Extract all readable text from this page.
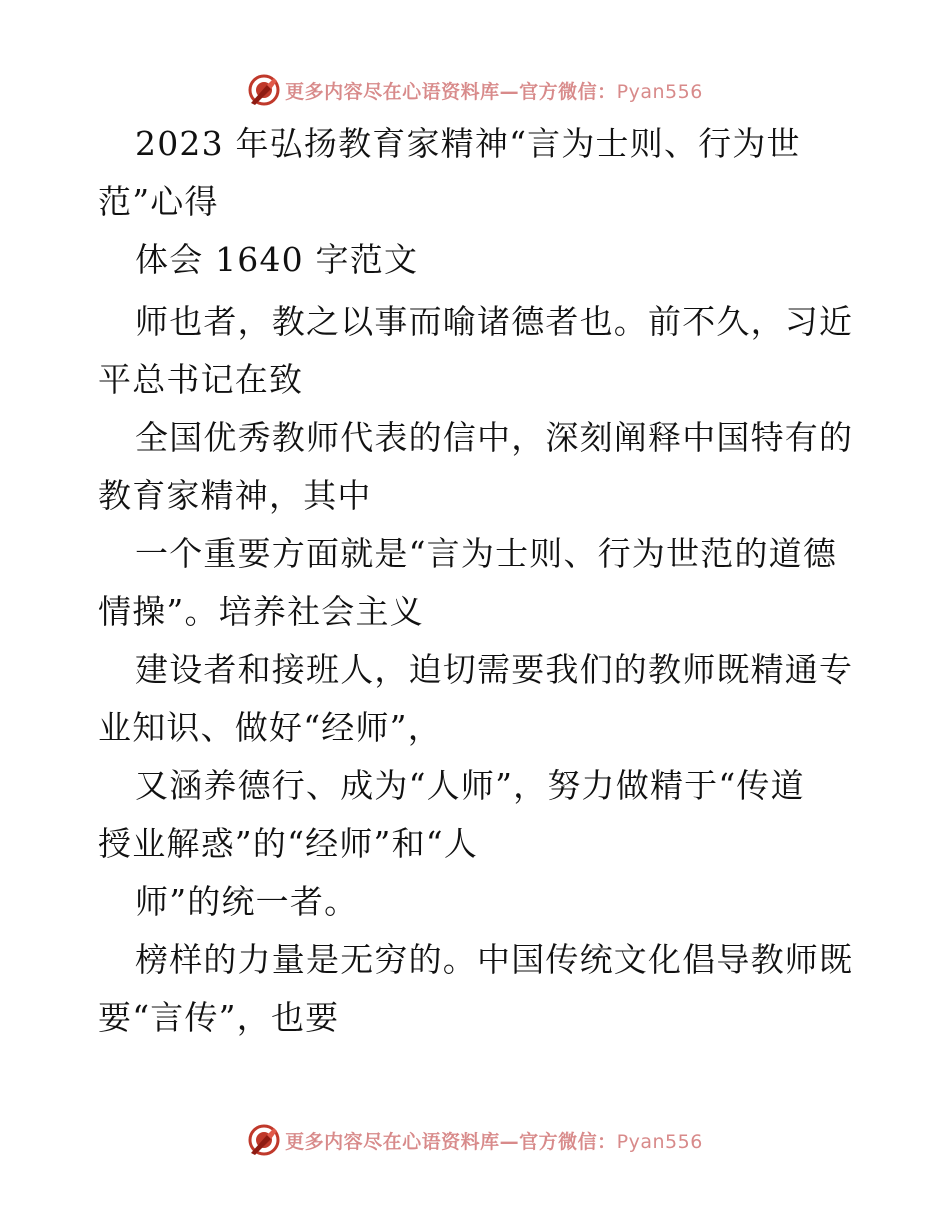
更多内容尽在心语资料库—官方微信：Pyan556
2023 年弘扬教育家精神“言为士则、行为世
范”心得
体会 1640 字范文
师也者，教之以事而喻诸德者也。前不久，习近
平总书记在致
全国优秀教师代表的信中，深刻阐释中国特有的
教育家精神，其中
一个重要方面就是“言为士则、行为世范的道德
情操”。培养社会主义
建设者和接班人，迫切需要我们的教师既精通专
业知识、做好“经师”，
又涵养德行、成为“人师”，努力做精于“传道
授业解惑”的“经师”和“人
师”的统一者。
榜样的力量是无穷的。中国传统文化倡导教师既
要“言传”，也要
更多内容尽在心语资料库—官方微信：Pyan556
